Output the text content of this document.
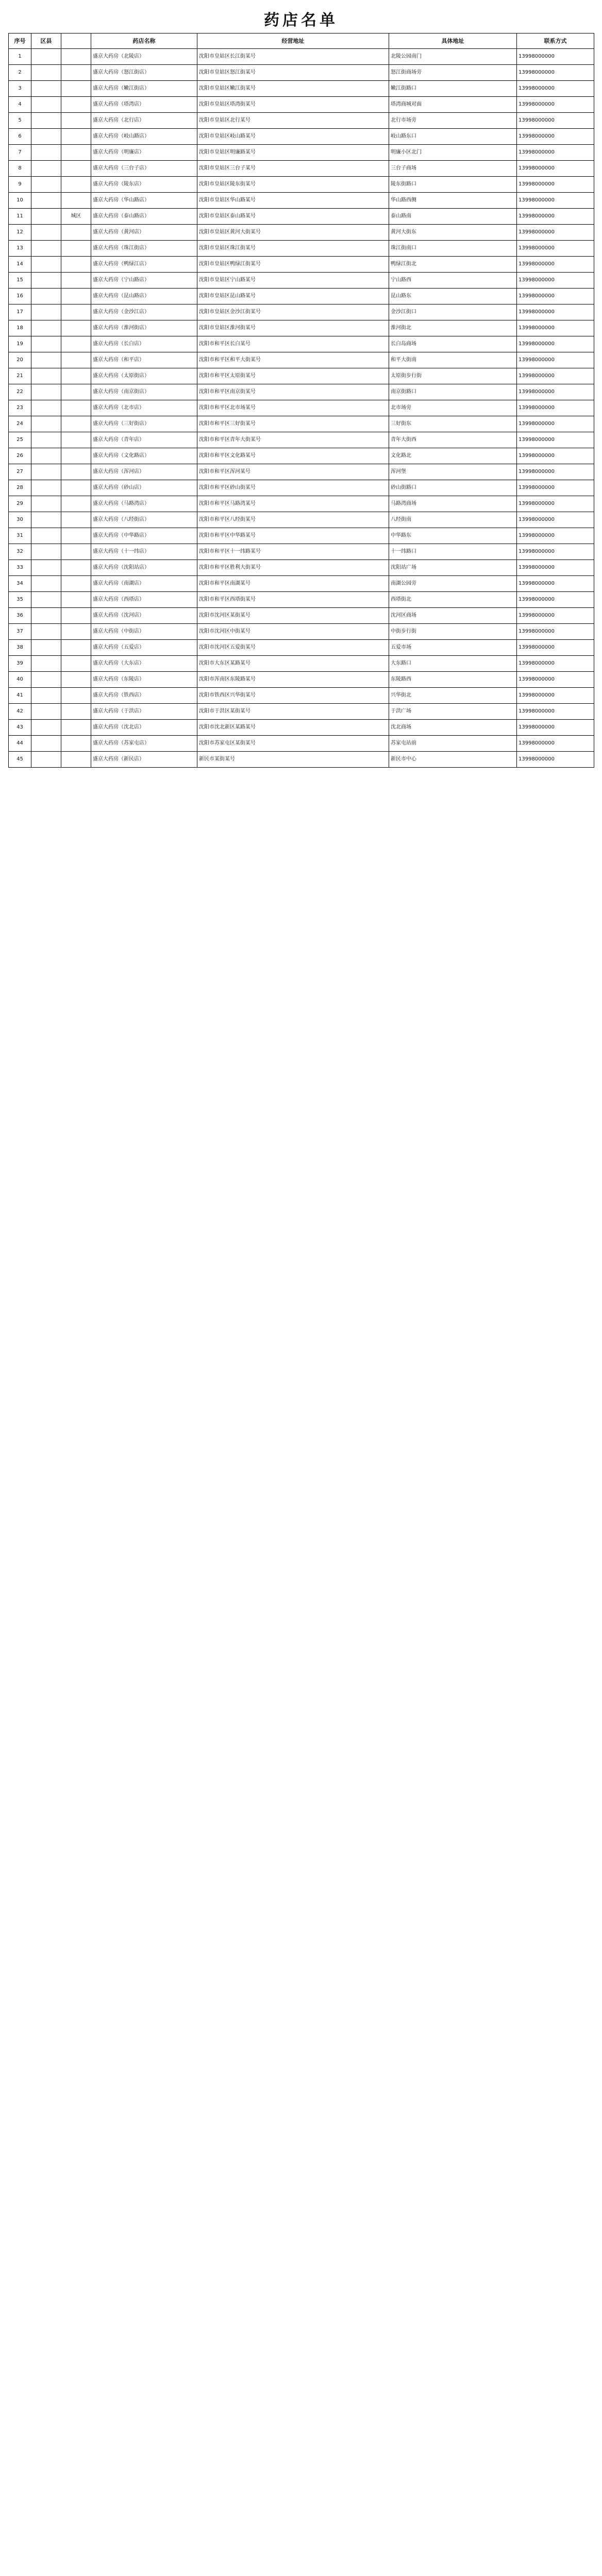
药店名单
序号	区县		药店名称	经营地址	具体地址	联系方式
1			盛京大药房（北陵店）	沈阳市皇姑区长江街某号	北陵公园南门	13998000000
2			盛京大药房（怒江街店）	沈阳市皇姑区怒江街某号	怒江街商场旁	13998000000
3			盛京大药房（嫩江街店）	沈阳市皇姑区嫩江街某号	嫩江街路口	13998000000
4			盛京大药房（塔湾店）	沈阳市皇姑区塔湾街某号	塔湾商城对面	13998000000
5			盛京大药房（北行店）	沈阳市皇姑区北行某号	北行市场旁	13998000000
6			盛京大药房（岐山路店）	沈阳市皇姑区岐山路某号	岐山路东口	13998000000
7			盛京大药房（明廉店）	沈阳市皇姑区明廉路某号	明廉小区北门	13998000000
8			盛京大药房（三台子店）	沈阳市皇姑区三台子某号	三台子商场	13998000000
9			盛京大药房（陵东店）	沈阳市皇姑区陵东街某号	陵东街路口	13998000000
10			盛京大药房（华山路店）	沈阳市皇姑区华山路某号	华山路西侧	13998000000
11		城区	盛京大药房（泰山路店）	沈阳市皇姑区泰山路某号	泰山路南	13998000000
12			盛京大药房（黄河店）	沈阳市皇姑区黄河大街某号	黄河大街东	13998000000
13			盛京大药房（珠江街店）	沈阳市皇姑区珠江街某号	珠江街南口	13998000000
14			盛京大药房（鸭绿江店）	沈阳市皇姑区鸭绿江街某号	鸭绿江街北	13998000000
15			盛京大药房（宁山路店）	沈阳市皇姑区宁山路某号	宁山路西	13998000000
16			盛京大药房（昆山路店）	沈阳市皇姑区昆山路某号	昆山路东	13998000000
17			盛京大药房（金沙江店）	沈阳市皇姑区金沙江街某号	金沙江街口	13998000000
18			盛京大药房（淮河街店）	沈阳市皇姑区淮河街某号	淮河街北	13998000000
19			盛京大药房（长白店）	沈阳市和平区长白某号	长白岛商场	13998000000
20			盛京大药房（和平店）	沈阳市和平区和平大街某号	和平大街南	13998000000
21			盛京大药房（太原街店）	沈阳市和平区太原街某号	太原街步行街	13998000000
22			盛京大药房（南京街店）	沈阳市和平区南京街某号	南京街路口	13998000000
23			盛京大药房（北市店）	沈阳市和平区北市场某号	北市场旁	13998000000
24			盛京大药房（三好街店）	沈阳市和平区三好街某号	三好街东	13998000000
25			盛京大药房（青年店）	沈阳市和平区青年大街某号	青年大街西	13998000000
26			盛京大药房（文化路店）	沈阳市和平区文化路某号	文化路北	13998000000
27			盛京大药房（浑河店）	沈阳市和平区浑河某号	浑河堡	13998000000
28			盛京大药房（砂山店）	沈阳市和平区砂山街某号	砂山街路口	13998000000
29			盛京大药房（马路湾店）	沈阳市和平区马路湾某号	马路湾商场	13998000000
30			盛京大药房（八经街店）	沈阳市和平区八经街某号	八经街南	13998000000
31			盛京大药房（中华路店）	沈阳市和平区中华路某号	中华路东	13998000000
32			盛京大药房（十一纬店）	沈阳市和平区十一纬路某号	十一纬路口	13998000000
33			盛京大药房（沈阳站店）	沈阳市和平区胜利大街某号	沈阳站广场	13998000000
34			盛京大药房（南湖店）	沈阳市和平区南湖某号	南湖公园旁	13998000000
35			盛京大药房（西塔店）	沈阳市和平区西塔街某号	西塔街北	13998000000
36			盛京大药房（沈河店）	沈阳市沈河区某街某号	沈河区商场	13998000000
37			盛京大药房（中街店）	沈阳市沈河区中街某号	中街步行街	13998000000
38			盛京大药房（五爱店）	沈阳市沈河区五爱街某号	五爱市场	13998000000
39			盛京大药房（大东店）	沈阳市大东区某路某号	大东路口	13998000000
40			盛京大药房（东陵店）	沈阳市浑南区东陵路某号	东陵路西	13998000000
41			盛京大药房（铁西店）	沈阳市铁西区兴华街某号	兴华街北	13998000000
42			盛京大药房（于洪店）	沈阳市于洪区某街某号	于洪广场	13998000000
43			盛京大药房（沈北店）	沈阳市沈北新区某路某号	沈北商场	13998000000
44			盛京大药房（苏家屯店）	沈阳市苏家屯区某街某号	苏家屯站前	13998000000
45			盛京大药房（新民店）	新民市某街某号	新民市中心	13998000000
